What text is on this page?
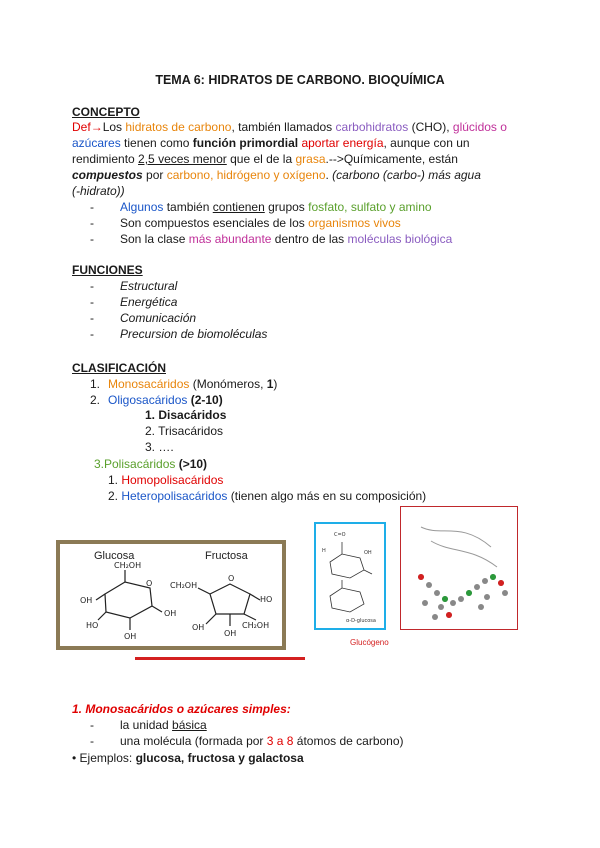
TEMA 6: HIDRATOS DE CARBONO. BIOQUÍMICA
CONCEPTO
Def→Los hidratos de carbono, también llamados carbohidratos (CHO), glúcidos o
azúcares tienen como función primordial aportar energía, aunque con un
rendimiento 2,5 veces menor que el de la grasa.-->Químicamente, están
compuestos por carbono, hidrógeno y oxígeno. (carbono (carbo-) más agua
(-hidrato))
- Algunos también contienen grupos fosfato, sulfato y amino
- Son compuestos esenciales de los organismos vivos
- Son la clase más abundante dentro de las moléculas biológica
FUNCIONES
- Estructural
- Energética
- Comunicación
- Precursion de biomoléculas
CLASIFICACIÓN
1. Monosacáridos (Monómeros, 1)
2. Oligosacáridos (2-10)
1. Disacáridos
2. Trisacáridos
3. ….
3.Polisacáridos (>10)
1. Homopolisacáridos
2. Heteropolisacáridos (tienen algo más en su composición)
Glucosa	Fructosa
CH₂OH
O
OH
OH
HO
OH
CH₂OH
O
HO
CH₂OH
OH
OH
C=O
H	OH
α-D-glucosa
Glucógeno
1. Monosacáridos o azúcares simples:
- la unidad básica
- una molécula (formada por 3 a 8 átomos de carbono)
• Ejemplos: glucosa, fructosa y galactosa
